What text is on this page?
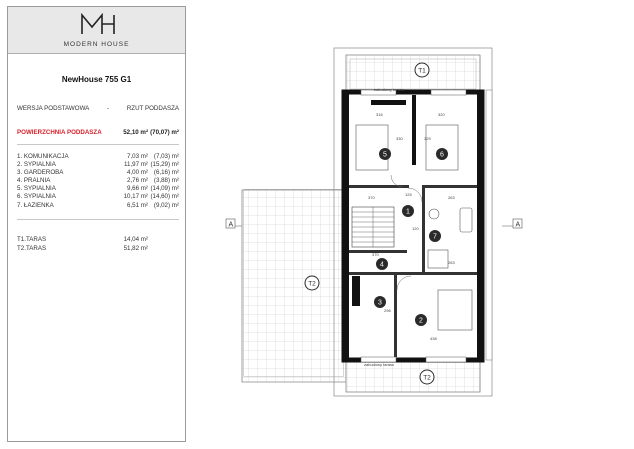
MODERN HOUSE
NewHouse 755 G1
WERSJA PODSTAWOWA	-	RZUT PODDASZA
POWIERZCHNIA PODDASZA	52,10 m² (70,07) m²
1. KOMUNIKACJA	7,03 m² (7,03) m²
2. SYPIALNIA	11,97 m² (15,29) m²
3. GARDEROBA	4,00 m² (6,16) m²
4. PRALNIA	2,76 m² (3,88) m²
5. SYPIALNIA	9,66 m² (14,09) m²
6. SYPIALNIA	10,17 m² (14,60) m²
7. ŁAZIENKA	6,51 m² (9,02) m²
T1.TARAS	14,04 m²
T2.TARAS	51,82 m²
A	A
zabudowy tarasu
zabudowy tarasu
316	320
329
330
125
370	263
370
296
438
120
263
1
2
3
4
5	6
7
T1
T2
T2
